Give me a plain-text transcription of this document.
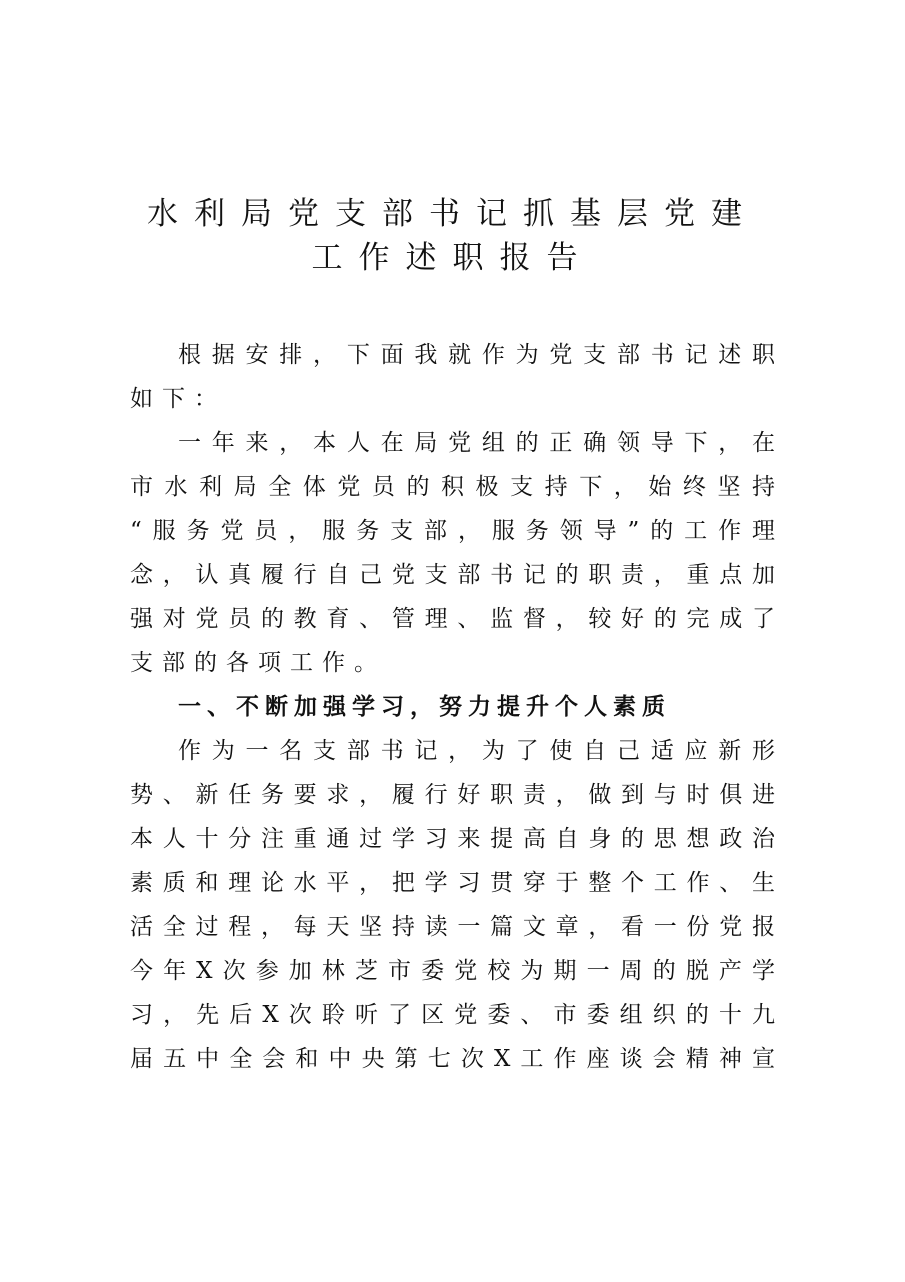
水利局党支部书记抓基层党建
工作述职报告
根据安排，下面我就作为党支部书记述职
如下：
一年来，本人在局党组的正确领导下，在
市水利局全体党员的积极支持下，始终坚持
“服务党员，服务支部，服务领导”的工作理
念，认真履行自己党支部书记的职责，重点加
强对党员的教育、管理、监督，较好的完成了
支部的各项工作。
一、不断加强学习，努力提升个人素质
作为一名支部书记，为了使自己适应新形
势、新任务要求，履行好职责，做到与时俱进
本人十分注重通过学习来提高自身的思想政治
素质和理论水平，把学习贯穿于整个工作、生
活全过程，每天坚持读一篇文章，看一份党报
今年X次参加林芝市委党校为期一周的脱产学
习，先后X次聆听了区党委、市委组织的十九
届五中全会和中央第七次X工作座谈会精神宣
